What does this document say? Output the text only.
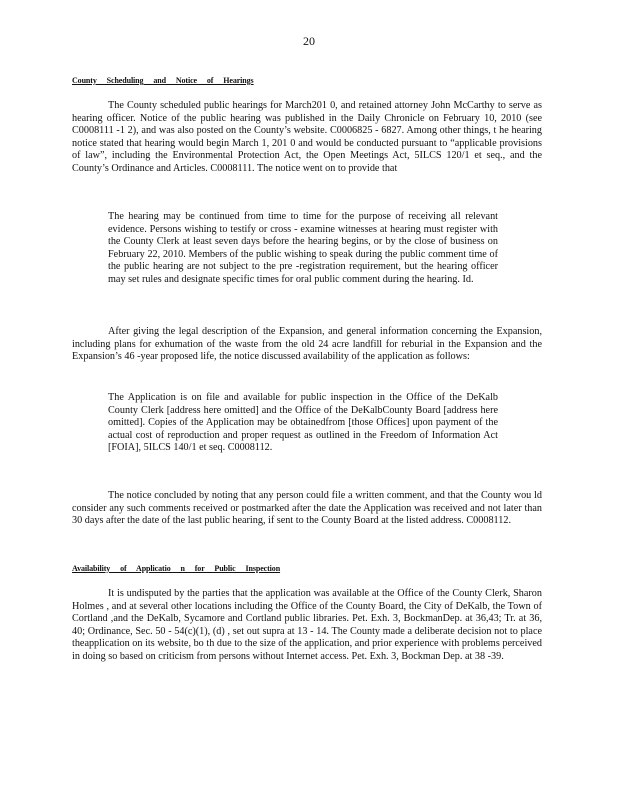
20
County Scheduling and Notice of Hearings
The County scheduled public hearings for March201 0, and retained attorney John McCarthy to serve as hearing officer. Notice of the public hearing was published in the Daily Chronicle on February 10, 2010 (see C0008111 -1 2), and was also posted on the County’s website. C0006825 - 6827. Among other things, t he hearing notice stated that hearing would begin March 1, 201 0 and would be conducted pursuant to “applicable provisions of law”, including the Environmental Protection Act, the Open Meetings Act, 5ILCS 120/1 et seq., and the County’s Ordinance and Articles. C0008111. The notice went on to provide that
The hearing may be continued from time to time for the purpose of receiving all relevant evidence. Persons wishing to testify or cross - examine witnesses at hearing must register with the County Clerk at least seven days before the hearing begins, or by the close of business on February 22, 2010. Members of the public wishing to speak during the public comment time of the public hearing are not subject to the pre -registration requirement, but the hearing officer may set rules and designate specific times for oral public comment during the hearing. Id.
After giving the legal description of the Expansion, and general information concerning the Expansion, including plans for exhumation of the waste from the old 24 acre landfill for reburial in the Expansion and the Expansion’s 46 -year proposed life, the notice discussed availability of the application as follows:
The Application is on file and available for public inspection in the Office of the DeKalb County Clerk [address here omitted] and the Office of the DeKalbCounty Board [address here omitted]. Copies of the Application may be obtainedfrom [those Offices] upon payment of the actual cost of reproduction and proper request as outlined in the Freedom of Information Act [FOIA], 5ILCS 140/1 et seq. C0008112.
The notice concluded by noting that any person could file a written comment, and that the County wou ld consider any such comments received or postmarked after the date the Application was received and not later than 30 days after the date of the last public hearing, if sent to the County Board at the listed address. C0008112.
Availability of Applicatio n for Public Inspection
It is undisputed by the parties that the application was available at the Office of the County Clerk, Sharon Holmes , and at several other locations including the Office of the County Board, the City of DeKalb, the Town of Cortland ,and the DeKalb, Sycamore and Cortland public libraries. Pet. Exh. 3, BockmanDep. at 36,43; Tr. at 36, 40; Ordinance, Sec. 50 - 54(c)(1), (d) , set out supra at 13 - 14. The County made a deliberate decision not to place theapplication on its website, bo th due to the size of the application, and prior experience with problems perceived in doing so based on criticism from persons without Internet access. Pet. Exh. 3, Bockman Dep. at 38 -39.
